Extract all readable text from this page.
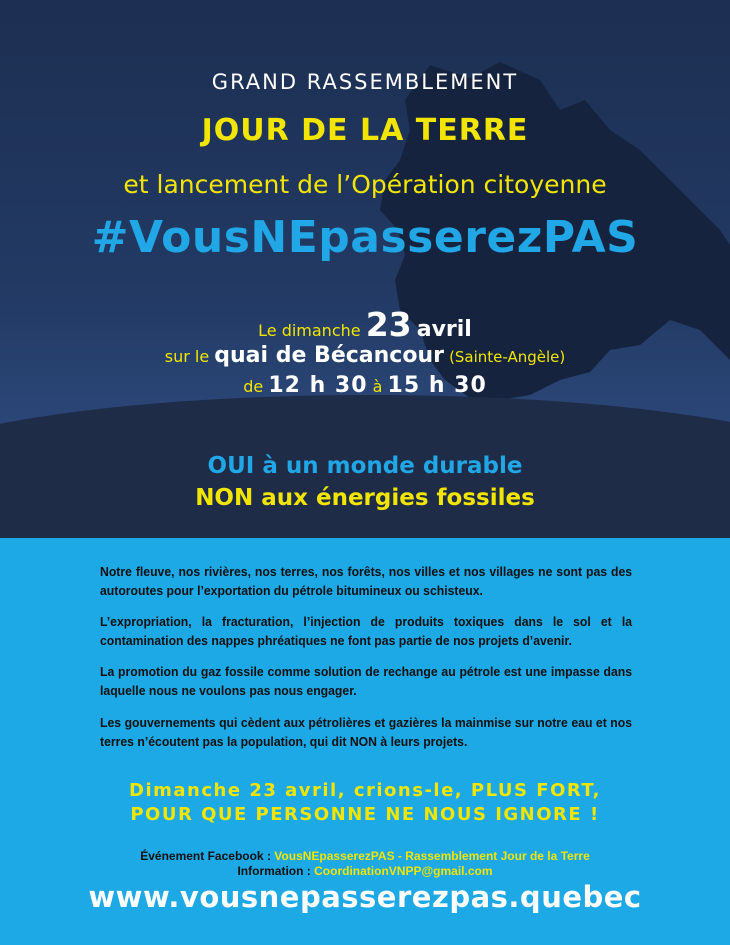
GRAND RASSEMBLEMENT
JOUR DE LA TERRE
et lancement de l’Opération citoyenne
#VousNEpasserezPAS
Le dimanche 23 avril
sur le quai de Bécancour (Sainte-Angèle)
de 12 h 30 à 15 h 30
OUI à un monde durable
NON aux énergies fossiles

Notre fleuve, nos rivières, nos terres, nos forêts, nos villes et nos villages ne sont pas des autoroutes pour l’exportation du pétrole bitumineux ou schisteux.

L’expropriation, la fracturation, l’injection de produits toxiques dans le sol et la contamination des nappes phréatiques ne font pas partie de nos projets d’avenir.

La promotion du gaz fossile comme solution de rechange au pétrole est une impasse dans laquelle nous ne voulons pas nous engager.

Les gouvernements qui cèdent aux pétrolières et gazières la mainmise sur notre eau et nos terres n’écoutent pas la population, qui dit NON à leurs projets.

Dimanche 23 avril, crions-le, PLUS FORT,
POUR QUE PERSONNE NE NOUS IGNORE !
Événement Facebook : VousNEpasserezPAS - Rassemblement Jour de la Terre
Information : CoordinationVNPP@gmail.com
www.vousnepasserezpas.quebec
